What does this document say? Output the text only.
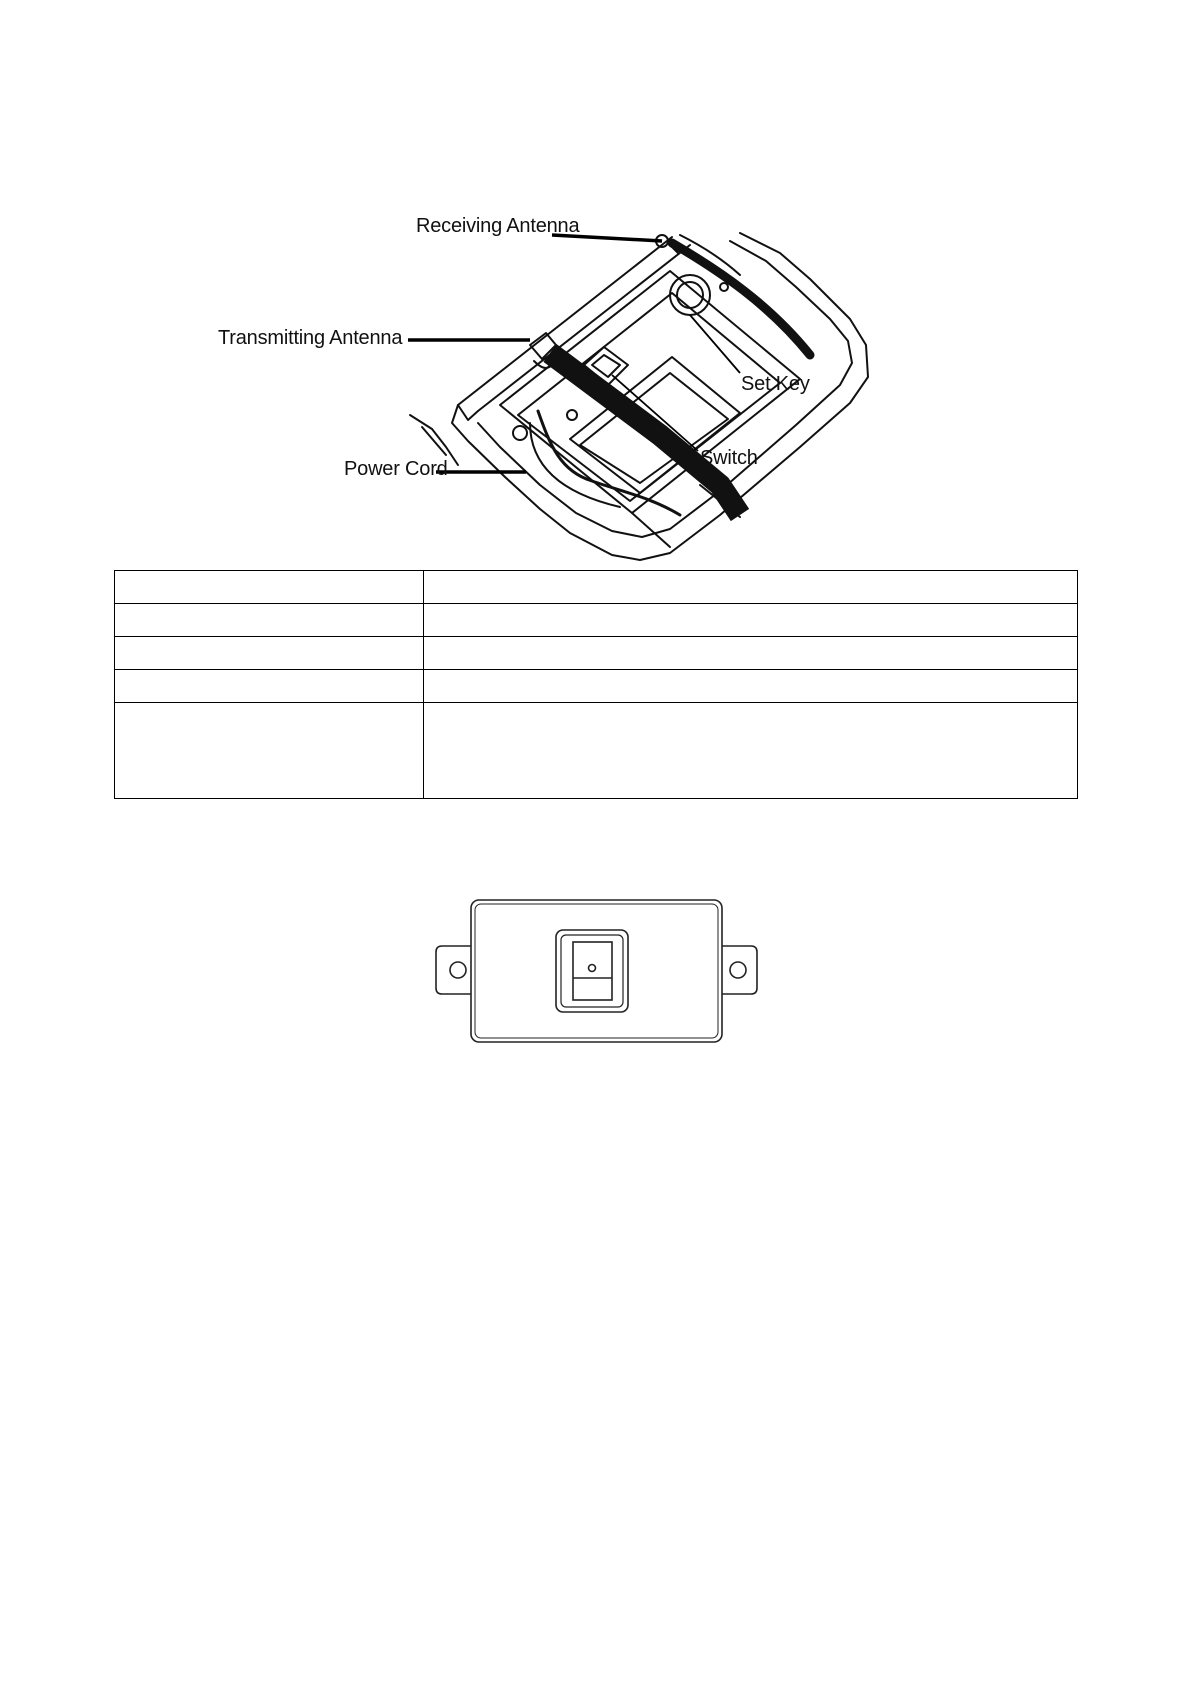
Receiving Antenna
Transmitting Antenna
Power Cord
Set Key
Switch
